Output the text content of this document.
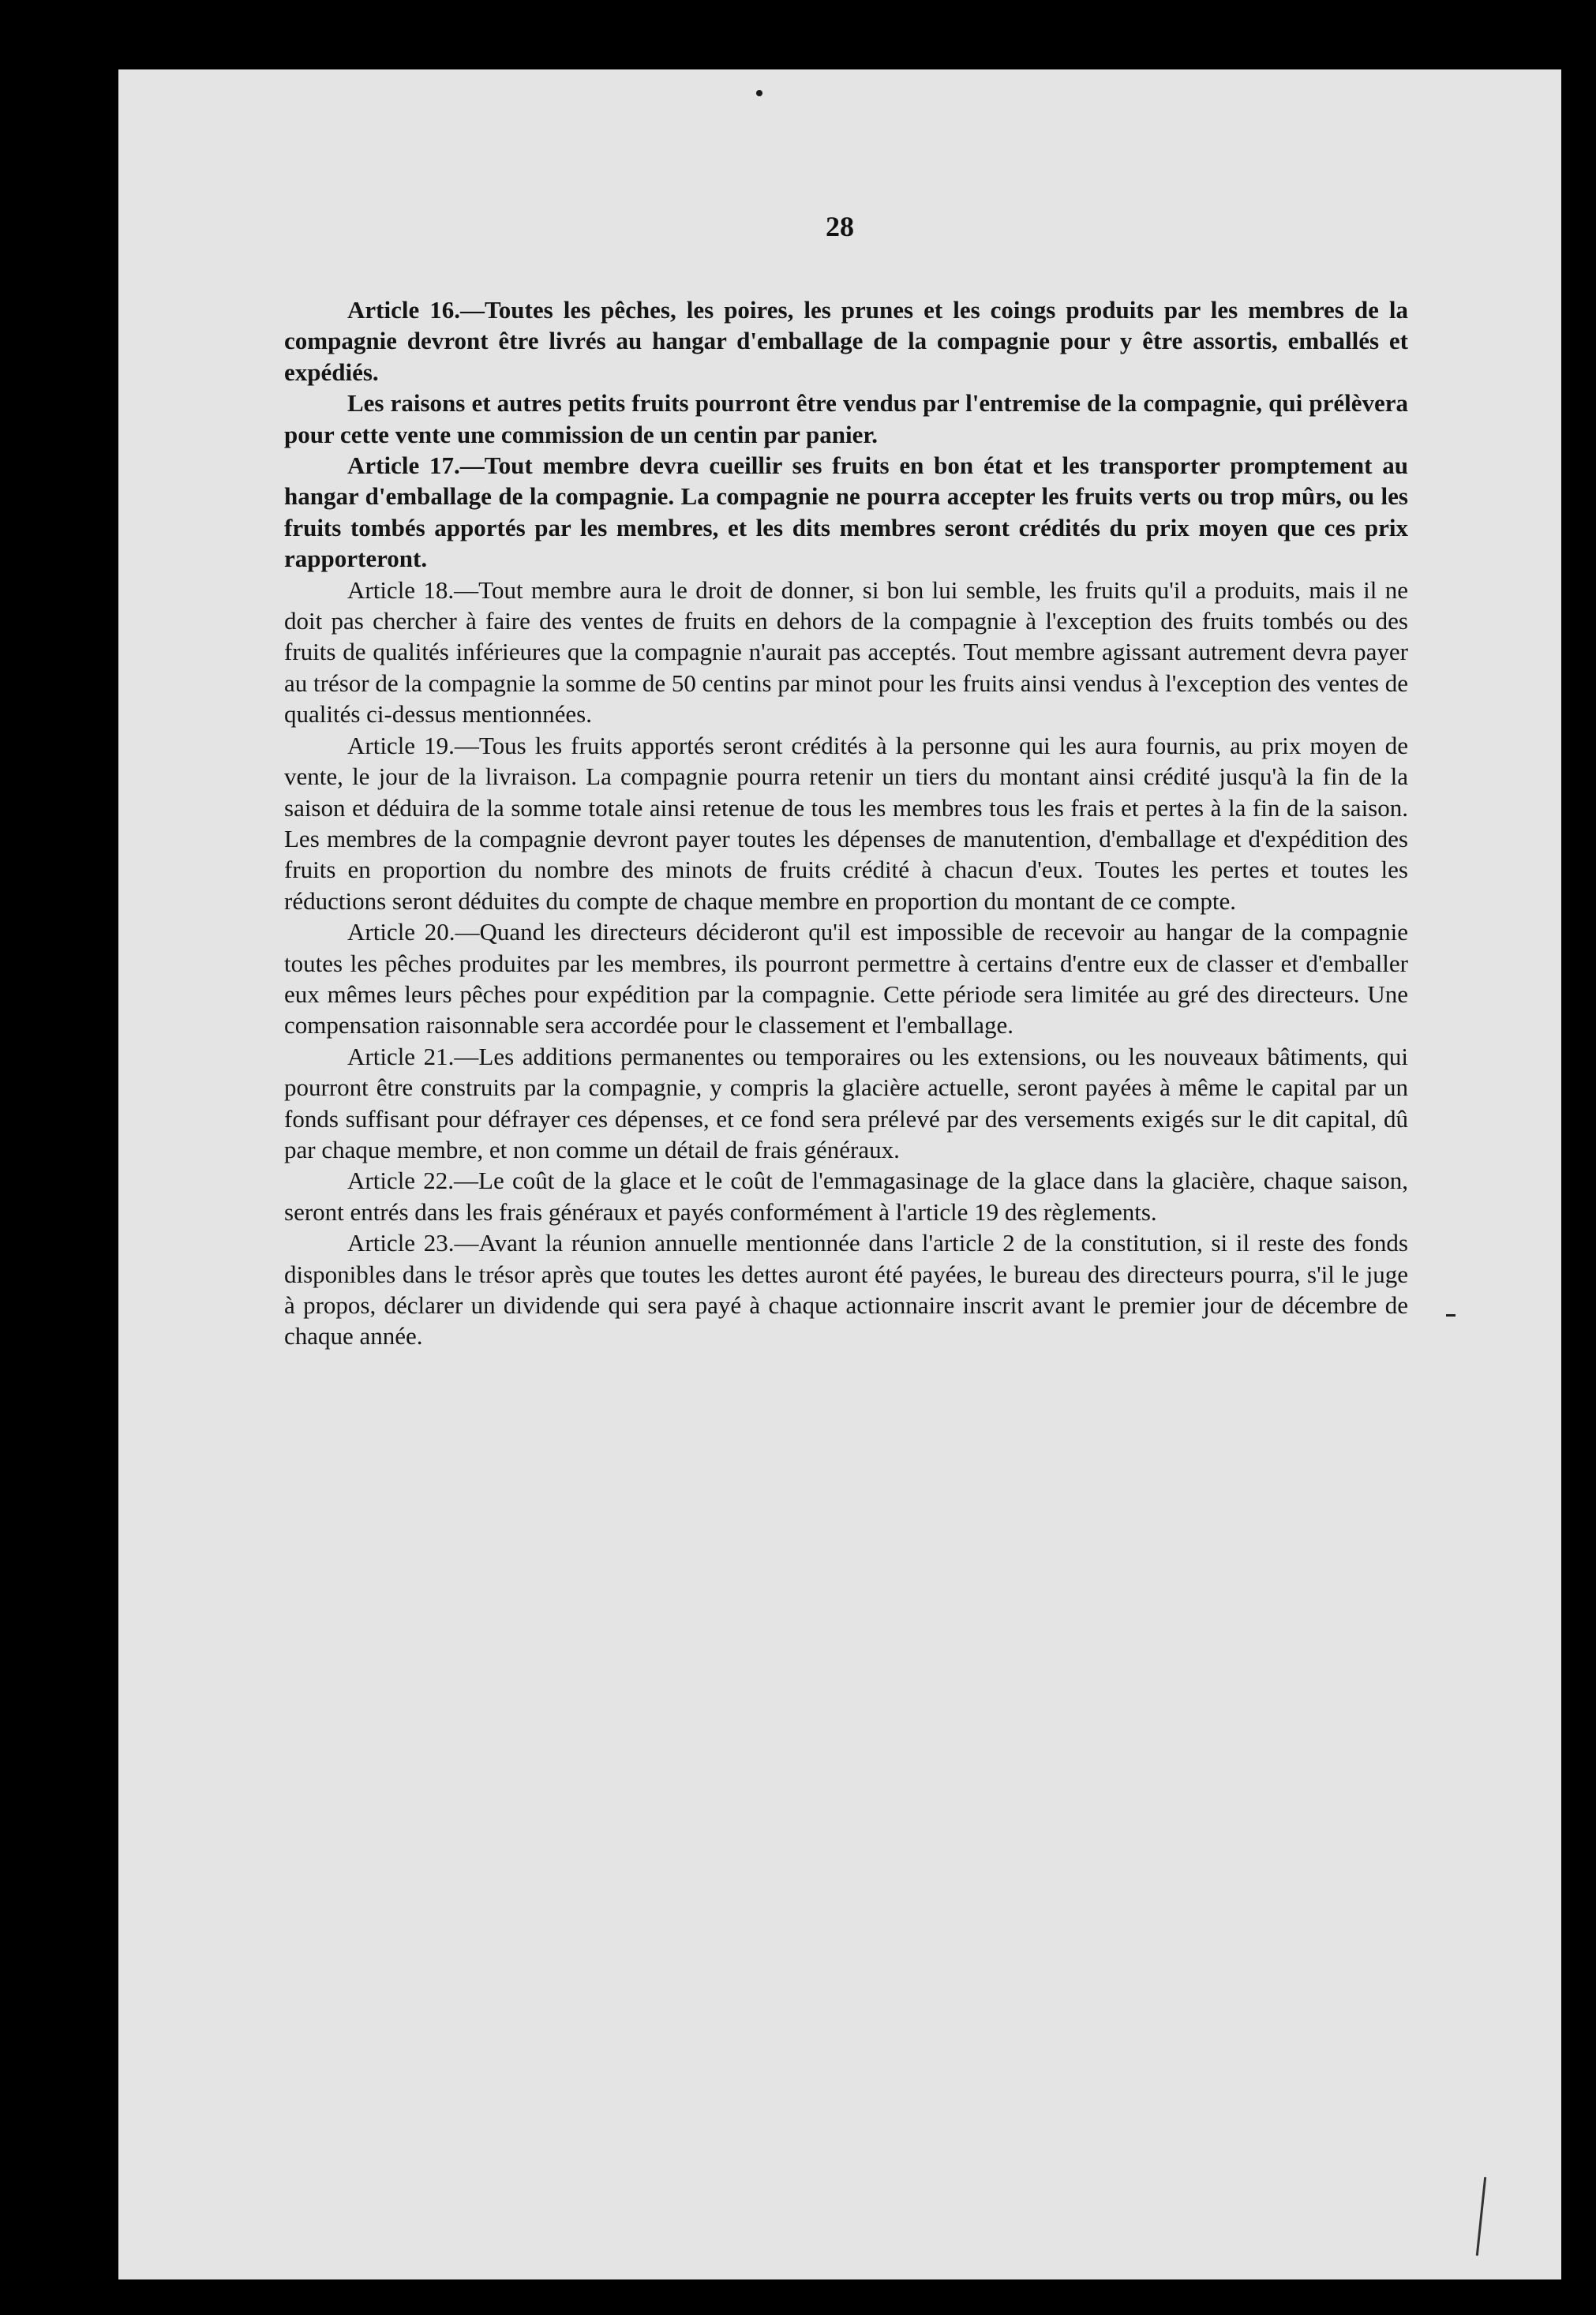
28

Article 16.—Toutes les pêches, les poires, les prunes et les coings produits par les membres de la compagnie devront être livrés au hangar d'emballage de la compagnie pour y être assortis, emballés et expédiés.

Les raisons et autres petits fruits pourront être vendus par l'entremise de la compagnie, qui prélèvera pour cette vente une commission de un centin par panier.

Article 17.—Tout membre devra cueillir ses fruits en bon état et les transporter promptement au hangar d'emballage de la compagnie. La compagnie ne pourra accepter les fruits verts ou trop mûrs, ou les fruits tombés apportés par les membres, et les dits membres seront crédités du prix moyen que ces prix rapporteront.

Article 18.—Tout membre aura le droit de donner, si bon lui semble, les fruits qu'il a produits, mais il ne doit pas chercher à faire des ventes de fruits en dehors de la compagnie à l'exception des fruits tombés ou des fruits de qualités inférieures que la compagnie n'aurait pas acceptés. Tout membre agissant autrement devra payer au trésor de la compagnie la somme de 50 centins par minot pour les fruits ainsi vendus à l'exception des ventes de qualités ci-dessus mentionnées.

Article 19.—Tous les fruits apportés seront crédités à la personne qui les aura fournis, au prix moyen de vente, le jour de la livraison. La compagnie pourra retenir un tiers du montant ainsi crédité jusqu'à la fin de la saison et déduira de la somme totale ainsi retenue de tous les membres tous les frais et pertes à la fin de la saison. Les membres de la compagnie devront payer toutes les dépenses de manutention, d'emballage et d'expédition des fruits en proportion du nombre des minots de fruits crédité à chacun d'eux. Toutes les pertes et toutes les réductions seront déduites du compte de chaque membre en proportion du montant de ce compte.

Article 20.—Quand les directeurs décideront qu'il est impossible de recevoir au hangar de la compagnie toutes les pêches produites par les membres, ils pourront permettre à certains d'entre eux de classer et d'emballer eux mêmes leurs pêches pour expédition par la compagnie. Cette période sera limitée au gré des directeurs. Une compensation raisonnable sera accordée pour le classement et l'emballage.

Article 21.—Les additions permanentes ou temporaires ou les extensions, ou les nouveaux bâtiments, qui pourront être construits par la compagnie, y compris la glacière actuelle, seront payées à même le capital par un fonds suffisant pour défrayer ces dépenses, et ce fond sera prélevé par des versements exigés sur le dit capital, dû par chaque membre, et non comme un détail de frais généraux.

Article 22.—Le coût de la glace et le coût de l'emmagasinage de la glace dans la glacière, chaque saison, seront entrés dans les frais généraux et payés conformément à l'article 19 des règlements.

Article 23.—Avant la réunion annuelle mentionnée dans l'article 2 de la constitution, si il reste des fonds disponibles dans le trésor après que toutes les dettes auront été payées, le bureau des directeurs pourra, s'il le juge à propos, déclarer un dividende qui sera payé à chaque actionnaire inscrit avant le premier jour de décembre de chaque année.
